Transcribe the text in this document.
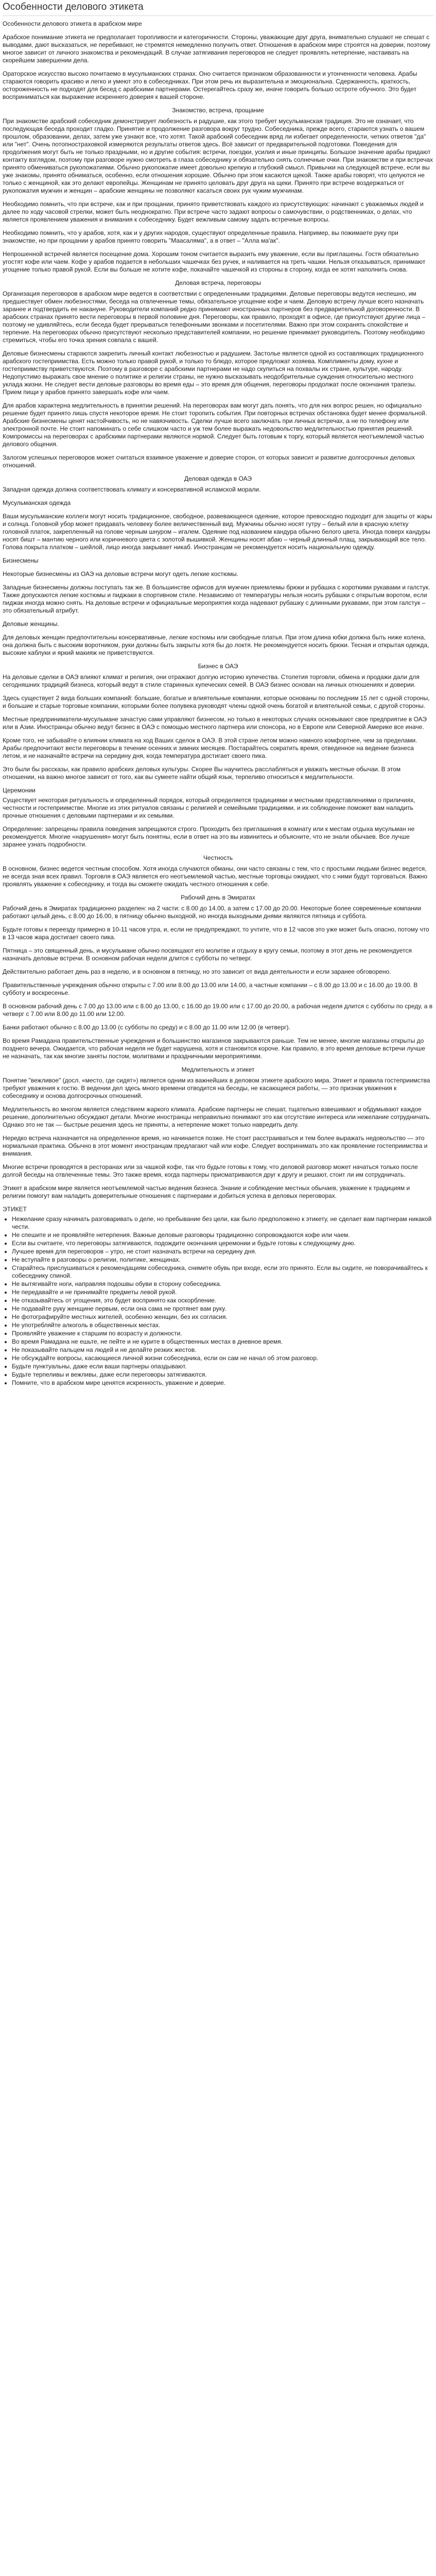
Особенности делового этикета
Особенности делового этикета в арабском мире
Арабское понимание этикета не предполагает торопливости и категоричности. Стороны, уважающие друг друга, внимательно слушают не спешат с выводами, дают высказаться, не перебивают, не стремятся немедленно получить ответ. Отношения в арабском мире строятся на доверии, поэтому многое зависит от личного знакомства и рекомендаций. В случае затягивания переговоров не следует проявлять нетерпение, настаивать на скорейшем завершении дела.
Ораторское искусство высоко почитаемо в мусульманских странах. Оно считается признаком образованности и утонченности человека. Арабы стараются говорить красиво и легко и умеют это в собеседниках. При этом речь их выразительна и эмоциональна. Сдержанность, краткость, остороженность не подходят для бесед с арабскими партнерами. Остерегайтесь сразу же, иначе говорить большо острoте обучного. Это будет восприниматься как выражение искреннего доверия к вашей стороне.
Знакомство, встреча, прощание
При знакомстве арабский собеседник демонстрирует любезность и радушие, как этого требует мусульманская традиция. Это не означает, что последующая беседа проходит гладко. Принятие и продолжение разговора вокруг трудно. Собеседника, прежде всего, стараются узнать о вашем прошлом, образовании, делах, затем уже узнают все, что хотят. Такой арабский собеседник вряд ли избегает определенности, четких ответов "да" или "нет". Очень потопностраховкой измеряются результаты ответов здесь. Всё зависит от предварительной подготовки. Поведения для продолжения могут быть не только праздными, но и другие события: встречи, поездки, усилия и иные принципы. Большое значение арабы придают контакту взглядом, поэтому при разговоре нужно смотреть в глаза собеседнику и обязательно снять солнечные очки. При знакомстве и при встречах принято обмениваться рукопожатиями. Обычно рукопожатие имеет довольно крепкую и глубокий смысл. Привычки на следующей встрече, если вы уже знакомы, принято обниматься, особенно, если отношения хорошие. Обычно при этом касаются щекой. Также арабы говорят, что целуются не только с женщиной, как это делают европейцы. Женщинам не принято целовать друг друга на щеки. Принято при встрече воздержаться от рукопожатия мужчин и женщин – арабские женщины не позволяют касаться своих рук чужим мужчинам.
Необходимо помнить, что при встрече, как и при прощании, принято приветствовать каждого из присутствующих: начинают с уважаемых людей и далее по ходу часовой стрелки, может быть неоднократно. При встрече часто задают вопросы о самочувствии, о родственниках, о делах, что является проявлением уважения и внимания к собеседнику. Будет вежливым самому задать встречные вопросы.
Необходимо помнить, что у арабов, хотя, как и у других народов, существуют определенные правила. Например, вы пожимаете руку при знакомстве, но при прощании у арабов принято говорить "Маасаляма", а в ответ – "Алла ма'ак".
Непрошенной встречей является посещение дома. Хорошим тоном считается выразить ему уважение, если вы приглашены. Гостя обязательно угостят кофе или чаем. Кофе у арабов подается в небольших чашечках без ручек, и наливается на треть чашки. Нельзя отказываться, принимают угощение только правой рукой. Если вы больше не хотите кофе, покачайте чашечкой из стороны в сторону, когда ее хотят наполнить снова.
Деловая встреча, переговоры
Организация переговоров в арабском мире ведется в соответствии с определенными традициями. Деловые переговоры ведутся неспешно, им предшествует обмен любезностями, беседа на отвлеченные темы, обязательное угощение кофе и чаем. Деловую встречу лучше всего назначать заранее и подтвердить ее накануне. Руководители компаний редко принимают иностранных партнеров без предварительной договоренности. В арабских странах принято вести переговоры в первой половине дня. Переговоры, как правило, проходят в офисе, где присутствуют другие лица – поэтому не удивляйтесь, если беседа будет прерываться телефонными звонками и посетителями. Важно при этом сохранять спокойствие и терпение. На переговорах обычно присутствуют несколько представителей компании, но решение принимает руководитель. Поэтому необходимо стремиться, чтобы его точка зрения совпала с вашей.
Деловые бизнесмены стараются закрепить личный контакт любезностью и радушием. Застолье является одной из составляющих традиционного арабского гостеприимства. Есть можно только правой рукой, и только то блюдо, которое предложат хозяева. Комплименты дому, кухне и гостеприимству приветствуются. Поэтому в разговоре с арабскими партнерами не надо скупиться на похвалы их стране, культуре, народу. Недопустимо выражать свое мнение о политике и религии страны, не нужно высказывать неодобрительные суждения относительно местного уклада жизни. Не следует вести деловые разговоры во время еды – это время для общения, переговоры продолжат после окончания трапезы. Прием пищи у арабов принято завершать кофе или чаем.
Для арабов характерна медлительность в принятии решений. На переговорах вам могут дать понять, что для них вопрос решен, но официально решение будет принято лишь спустя некоторое время. Не стоит торопить события. При повторных встречах обстановка будет менее формальной. Арабские бизнесмены ценят настойчивость, но не навязчивость. Сделки лучше всего заключать при личных встречах, а не по телефону или электронной почте. Не стоит напоминать о себе слишком часто и уж тем более выражать недовольство медлительностью принятия решений. Компромиссы на переговорах с арабскими партнерами являются нормой. Следует быть готовым к торгу, который является неотъемлемой частью делового общения.
Залогом успешных переговоров может считаться взаимное уважение и доверие сторон, от которых зависит и развитие долгосрочных деловых отношений.
Деловая одежда в ОАЭ
Западная одежда должна соответствовать климату и консервативной исламской морали.
Мусульманская одежда
Ваши мусульманские коллеги могут носить традиционное, свободное, развевающееся одеяние, которое превосходно подходит для защиты от жары и солнца. Головной убор может придавать человеку более величественный вид. Мужчины обычно носят гутру – белый или в красную клетку головной платок, закрепленный на голове черным шнуром – игалем. Одеяние под названием кандура обычно белого цвета. Иногда поверх кандуры носят бишт – мантию черного или коричневого цвета с золотой вышивкой. Женщины носят абаю – черный длинный плащ, закрывающий все тело. Голова покрыта платком – шейлой, лицо иногда закрывает никаб. Иностранцам не рекомендуется носить национальную одежду.
Бизнесмены
Некоторые бизнесмены из ОАЭ на деловые встречи могут одеть легкие костюмы.
Западные бизнесмены должны поступать так же. В большинстве офисов для мужчин приемлемы брюки и рубашка с короткими рукавами и галстук. Также допускаются легкие костюмы и пиджаки в спортивном стиле. Независимо от температуры нельзя носить рубашки с открытым воротом, если пиджак иногда можно снять. На деловые встречи и официальные мероприятия когда надевают рубашку с длинными рукавами, при этом галстук – это обязательный атрибут.
Деловые женщины.
Для деловых женщин предпочтительны консервативные, легкие костюмы или свободные платья. При этом длина юбки должна быть ниже колена, она должна быть с высоким воротником, руки должны быть закрыты хотя бы до локтя. Не рекомендуется носить брюки. Тесная и открытая одежда, высокие каблуки и яркий макияж не приветствуются.
Бизнес в ОАЭ
На деловые сделки в ОАЭ влияют климат и религия, они отражают долгую историю купечества. Столетия торговли, обмена и продажи дали для сегодняшних традиций бизнеса, который ведут в стиле старинных купеческих семей. В ОАЭ бизнес основан на личных отношениях и доверии.
Здесь существует 2 вида больших компаний: большие, богатые и влиятельные компании, которые основаны по последним 15 лет с одной стороны, и большие и старые торговые компании, которыми более полувека руководят члены одной очень богатой и влиятельной семьи, с другой стороны.
Местные предприниматели-мусульмане зачастую сами управляют бизнесом, но только в некоторых случаях основывают свое предприятие в ОАЭ или в Азии. Иностранцы обычно ведут бизнес в ОАЭ с помощью местного партнера или спонсора, но в Европе или Северной Америке все иначе.
Кроме того, не забывайте о влиянии климата на ход Ваших сделок в ОАЭ. В этой стране летом можно намного комфортнее, чем за пределами. Арабы предпочитают вести переговоры в течение осенних и зимних месяцев. Постарайтесь сократить время, отведенное на ведение бизнеса летом, и не назначайте встречи на середину дня, когда температура достигает своего пика.
Это были бы рассказы, как правило арабских деловых культуры. Скорее Вы научитесь расслабляться и уважать местные обычаи. В этом отношении, на важно многое зависит от того, как вы сумеете найти общий язык, терпеливо относиться к медлительности.
Церемонии
Существует некоторая ритуальность и определенный порядок, который определяется традициями и местными представлениями о приличиях, честности и гостеприимстве. Многие из этих ритуалов связаны с религией и семейными традициями, и их соблюдение поможет вам наладить прочные отношения с деловыми партнерами и их семьями.
Определение: запрещены правила поведения запрещаются строго. Проходить без приглашения в комнату или к местам отдыха мусульман не рекомендуется. Многие «нарушения» могут быть понятны, если в ответ на это вы извинитесь и объясните, что не знали обычаев. Все лучше заранее узнать подробности.
Честность
В основном, бизнес ведется честным способом. Хотя иногда случаются обманы, они часто связаны с тем, что с простыми людьми бизнес ведется, не всегда зная всех правил. Торговля в ОАЭ является его неотъемлемой частью, местные торговцы ожидают, что с ними будут торговаться. Важно проявлять уважение к собеседнику, и тогда вы сможете ожидать честного отношения к себе.
Рабочий день в Эмиратах
Рабочий день в Эмиратах традиционно разделен: на 2 части: с 8.00 до 14.00, а затем с 17.00 до 20.00. Некоторые более современные компании работают целый день, с 8.00 до 16.00, в пятницу обычно выходной, но иногда выходными днями являются пятница и суббота.
Будьте готовы к переезду примерно в 10-11 часов утра, и, если не предупреждают, то учтите, что в 12 часов это уже может быть опасно, потому что в 13 часов жара достигает своего пика.
Пятница – это священный день, и мусульмане обычно посвящают его молитве и отдыху в кругу семьи, поэтому в этот день не рекомендуется назначать деловые встречи. В основном рабочая неделя длится с субботы по четверг.
Действительно работает день раз в неделю, и в основном в пятницу, но это зависит от вида деятельности и если заранее обговорено.
Правительственные учреждения обычно открыты с 7.00 или 8.00 до 13.00 или 14.00, а частные компании – с 8.00 до 13.00 и с 16.00 до 19.00. В субботу и воскресенье.
В основном рабочий день с 7.00 до 13.00 или с 8.00 до 13.00, с 16.00 до 19.00 или с 17.00 до 20.00, а рабочая неделя длится с субботы по среду, а в четверг с 7.00 или 8.00 до 11.00 или 12.00.
Банки работают обычно с 8.00 до 13.00 (с субботы по среду) и с 8.00 до 11.00 или 12.00 (в четверг).
Во время Рамадана правительственные учреждения и большинство магазинов закрываются раньше. Тем не менее, многие магазины открыты до позднего вечера. Ожидается, что рабочая неделя не будет нарушена, хотя и становится короче. Как правило, в это время деловые встречи лучше не назначать, так как многие заняты постом, молитвами и праздничными мероприятиями.
Медлительность и этикет
Понятие "вежливое" (досл. «место, где сидят») является одним из важнейших в деловом этикете арабского мира. Этикет и правила гостеприимства требуют уважения к гостю. В ведении дел здесь много времени отводится на беседы, не касающиеся работы, — это признак уважения к собеседнику и основа долгосрочных отношений.
Медлительность во многом является следствием жаркого климата. Арабские партнеры не спешат, тщательно взвешивают и обдумывают каждое решение, дополнительно обсуждают детали. Многие иностранцы неправильно понимают это как отсутствие интереса или нежелание сотрудничать. Однако это не так — быстрые решения здесь не приняты, а нетерпение может только навредить делу.
Нередко встреча назначается на определенное время, но начинается позже. Не стоит расстраиваться и тем более выражать недовольство — это нормальная практика. Обычно в этот момент иностранцам предлагают чай или кофе. Следует воспринимать это как проявление гостеприимства и внимания.
Многие встречи проводятся в ресторанах или за чашкой кофе, так что будьте готовы к тому, что деловой разговор может начаться только после долгой беседы на отвлеченные темы. Это также время, когда партнеры присматриваются друг к другу и решают, стоит ли им сотрудничать.
Этикет в арабском мире является неотъемлемой частью ведения бизнеса. Знание и соблюдение местных обычаев, уважение к традициям и религии помогут вам наладить доверительные отношения с партнерами и добиться успеха в деловых переговорах.
ЭТИКЕТ
• Нежелание сразу начинать разговаривать о деле, но пребывание без цели, как было предположено к этикету, не сделает вам партнерам никакой чести.
• Не спешите и не проявляйте нетерпения. Важные деловые разговоры традиционно сопровождаются кофе или чаем.
• Если вы считаете, что переговоры затягиваются, подождите окончания церемонии и будьте готовы к следующему дню.
• Лучшее время для переговоров – утро, не стоит назначать встречи на середину дня.
• Не вступайте в разговоры о религии, политике, женщинах.
• Старайтесь прислушиваться к рекомендациям собеседника, снимите обувь при входе, если это принято. Если вы сидите, не поворачивайтесь к собеседнику спиной.
• Не вытягивайте ноги, направляя подошвы обуви в сторону собеседника.
• Не передавайте и не принимайте предметы левой рукой.
• Не отказывайтесь от угощения, это будет воспринято как оскорбление.
• Не подавайте руку женщине первым, если она сама не протянет вам руку.
• Не фотографируйте местных жителей, особенно женщин, без их согласия.
• Не употребляйте алкоголь в общественных местах.
• Проявляйте уважение к старшим по возрасту и должности.
• Во время Рамадана не ешьте, не пейте и не курите в общественных местах в дневное время.
• Не показывайте пальцем на людей и не делайте резких жестов.
• Не обсуждайте вопросы, касающиеся личной жизни собеседника, если он сам не начал об этом разговор.
• Будьте пунктуальны, даже если ваши партнеры опаздывают.
• Будьте терпеливы и вежливы, даже если переговоры затягиваются.
• Помните, что в арабском мире ценятся искренность, уважение и доверие.
